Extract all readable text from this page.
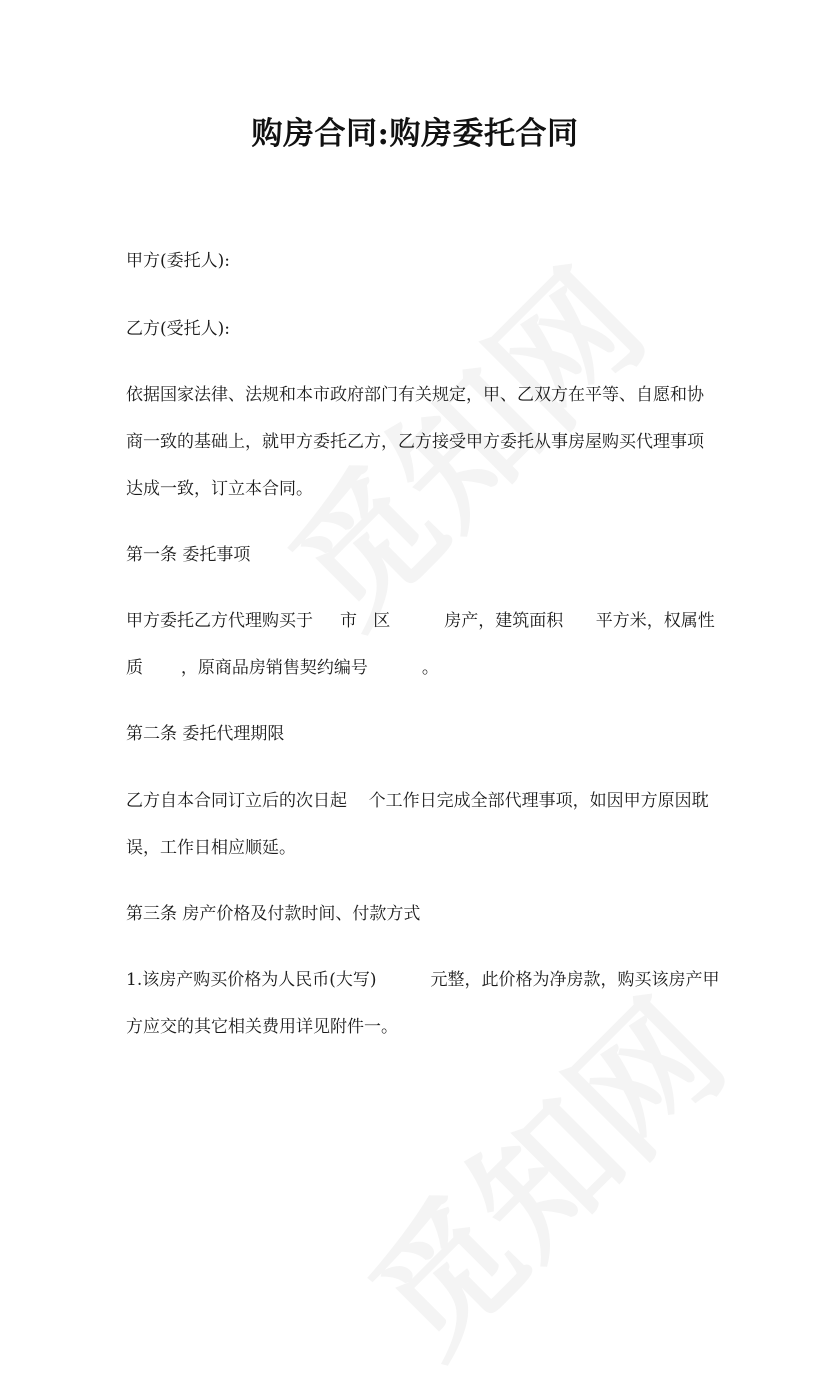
购房合同:购房委托合同
甲方(委托人):
乙方(受托人):
依据国家法律、法规和本市政府部门有关规定，甲、乙双方在平等、自愿和协
商一致的基础上，就甲方委托乙方，乙方接受甲方委托从事房屋购买代理事项
达成一致，订立本合同。
第一条 委托事项
甲方委托乙方代理购买于     市   区          房产，建筑面积      平方米，权属性
质       ，原商品房销售契约编号          。
第二条 委托代理期限
乙方自本合同订立后的次日起    个工作日完成全部代理事项，如因甲方原因耽
误，工作日相应顺延。
第三条 房产价格及付款时间、付款方式
1.该房产购买价格为人民币(大写)          元整，此价格为净房款，购买该房产甲
方应交的其它相关费用详见附件一。
